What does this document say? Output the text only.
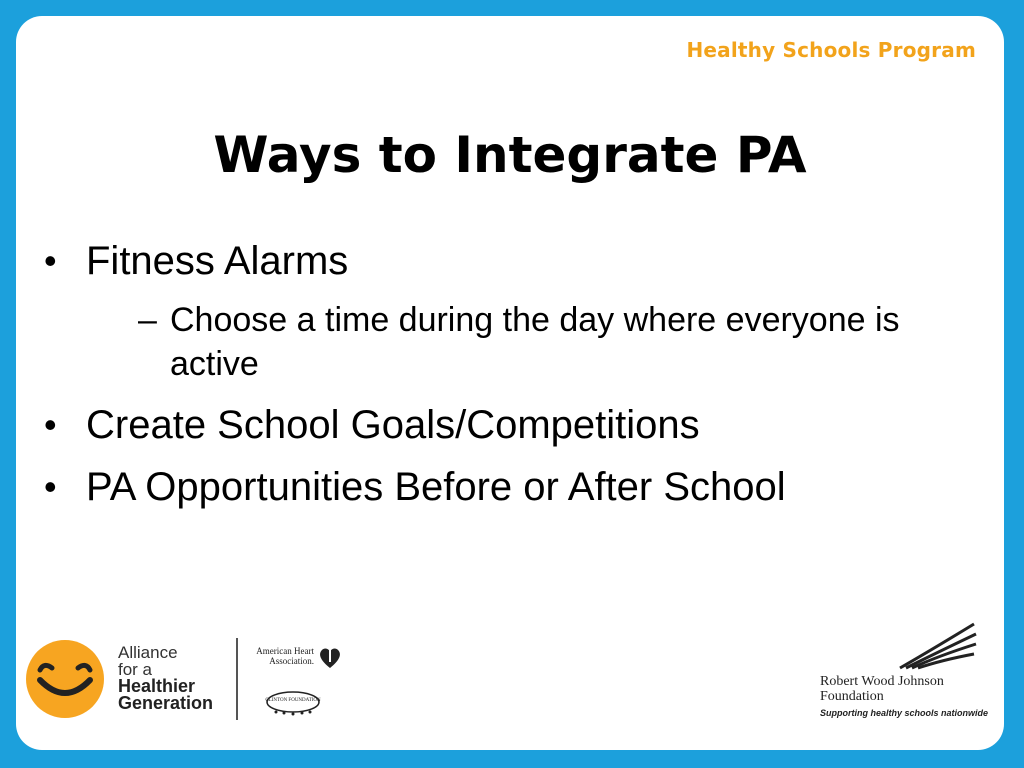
Healthy Schools Program
Ways to Integrate PA
• Fitness Alarms
– Choose a time during the day where everyone is active
• Create School Goals/Competitions
• PA Opportunities Before or After School
Alliance
for a
Healthier
Generation
American Heart
Association.
CLINTON FOUNDATION
Robert Wood Johnson
Foundation
Supporting healthy schools nationwide
